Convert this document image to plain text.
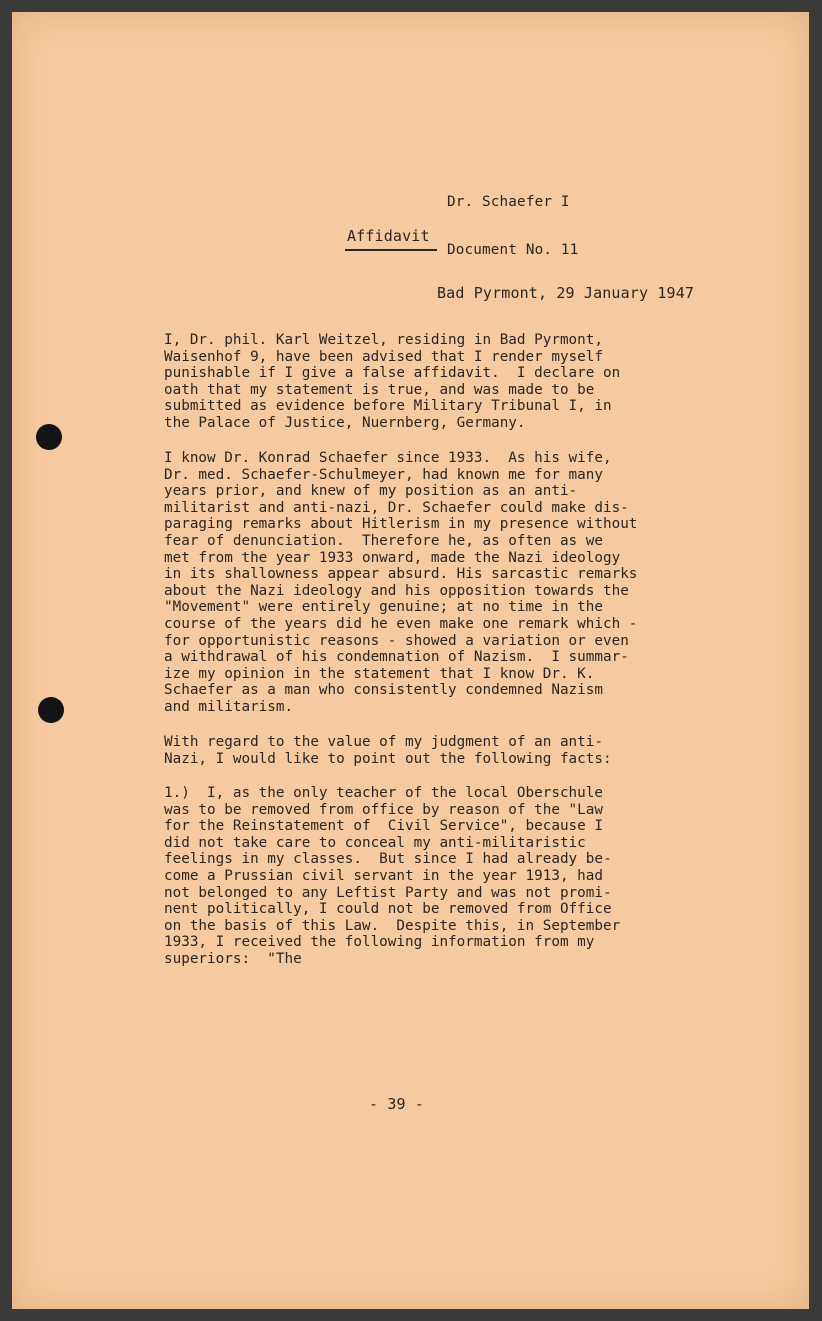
Dr. Schaefer I

Document No. 11

Affidavit
Bad Pyrmont, 29 January 1947
I, Dr. phil. Karl Weitzel, residing in Bad Pyrmont,
Waisenhof 9, have been advised that I render myself
punishable if I give a false affidavit.  I declare on
oath that my statement is true, and was made to be
submitted as evidence before Military Tribunal I, in
the Palace of Justice, Nuernberg, Germany.
I know Dr. Konrad Schaefer since 1933.  As his wife,
Dr. med. Schaefer-Schulmeyer, had known me for many
years prior, and knew of my position as an anti-
militarist and anti-nazi, Dr. Schaefer could make dis-
paraging remarks about Hitlerism in my presence without
fear of denunciation.  Therefore he, as often as we
met from the year 1933 onward, made the Nazi ideology
in its shallowness appear absurd. His sarcastic remarks
about the Nazi ideology and his opposition towards the
"Movement" were entirely genuine; at no time in the
course of the years did he even make one remark which -
for opportunistic reasons - showed a variation or even
a withdrawal of his condemnation of Nazism.  I summar-
ize my opinion in the statement that I know Dr. K.
Schaefer as a man who consistently condemned Nazism
and militarism.
With regard to the value of my judgment of an anti-
Nazi, I would like to point out the following facts:
1.)  I, as the only teacher of the local Oberschule
was to be removed from office by reason of the "Law
for the Reinstatement of  Civil Service", because I
did not take care to conceal my anti-militaristic
feelings in my classes.  But since I had already be-
come a Prussian civil servant in the year 1913, had
not belonged to any Leftist Party and was not promi-
nent politically, I could not be removed from Office
on the basis of this Law.  Despite this, in September
1933, I received the following information from my
superiors:  "The
- 39 -
